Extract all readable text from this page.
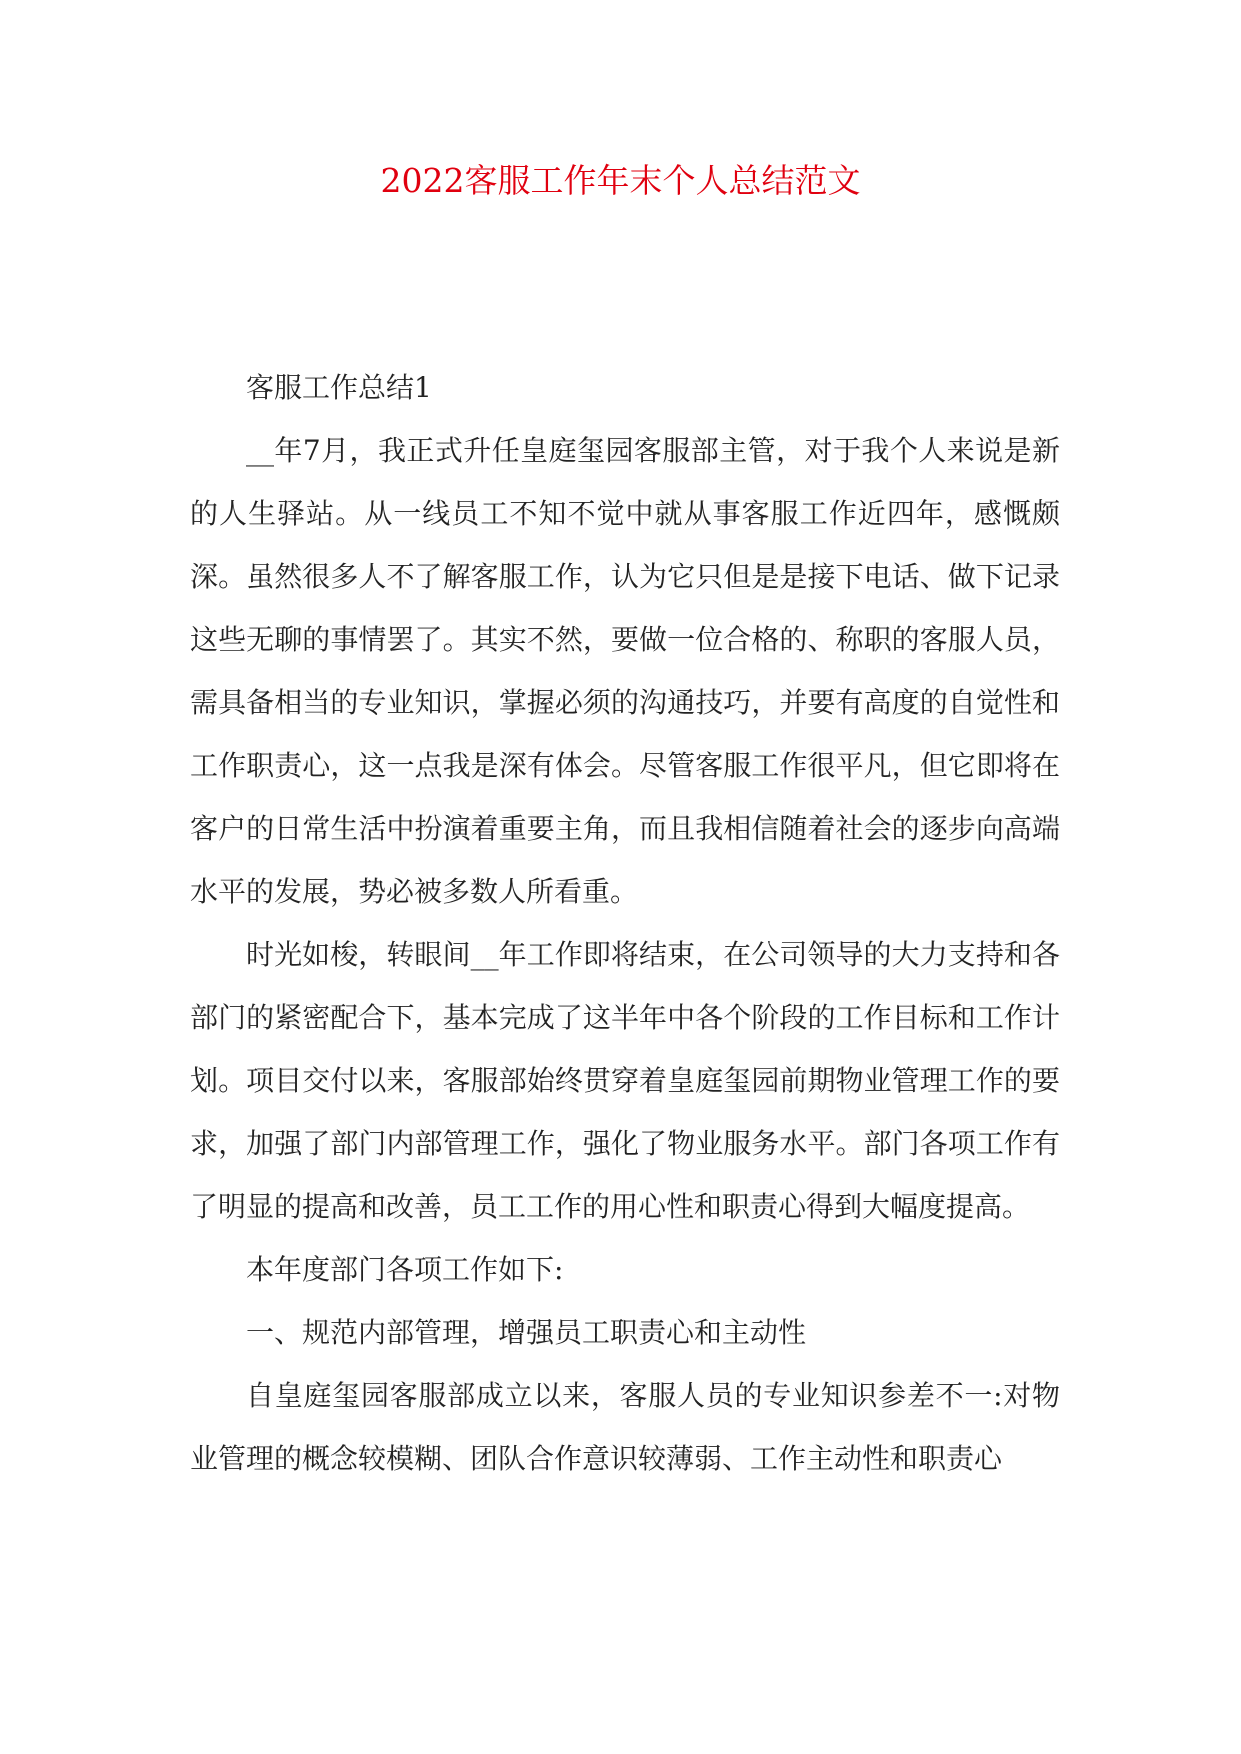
2022客服工作年末个人总结范文

客服工作总结1

__年7月，我正式升任皇庭玺园客服部主管，对于我个人来说是新的人生驿站。从一线员工不知不觉中就从事客服工作近四年，感慨颇深。虽然很多人不了解客服工作，认为它只但是是接下电话、做下记录这些无聊的事情罢了。其实不然，要做一位合格的、称职的客服人员，需具备相当的专业知识，掌握必须的沟通技巧，并要有高度的自觉性和工作职责心，这一点我是深有体会。尽管客服工作很平凡，但它即将在客户的日常生活中扮演着重要主角，而且我相信随着社会的逐步向高端水平的发展，势必被多数人所看重。

时光如梭，转眼间__年工作即将结束，在公司领导的大力支持和各部门的紧密配合下，基本完成了这半年中各个阶段的工作目标和工作计划。项目交付以来，客服部始终贯穿着皇庭玺园前期物业管理工作的要求，加强了部门内部管理工作，强化了物业服务水平。部门各项工作有了明显的提高和改善，员工工作的用心性和职责心得到大幅度提高。

本年度部门各项工作如下:

一、规范内部管理，增强员工职责心和主动性

自皇庭玺园客服部成立以来，客服人员的专业知识参差不一:对物业管理的概念较模糊、团队合作意识较薄弱、工作主动性和职责心
